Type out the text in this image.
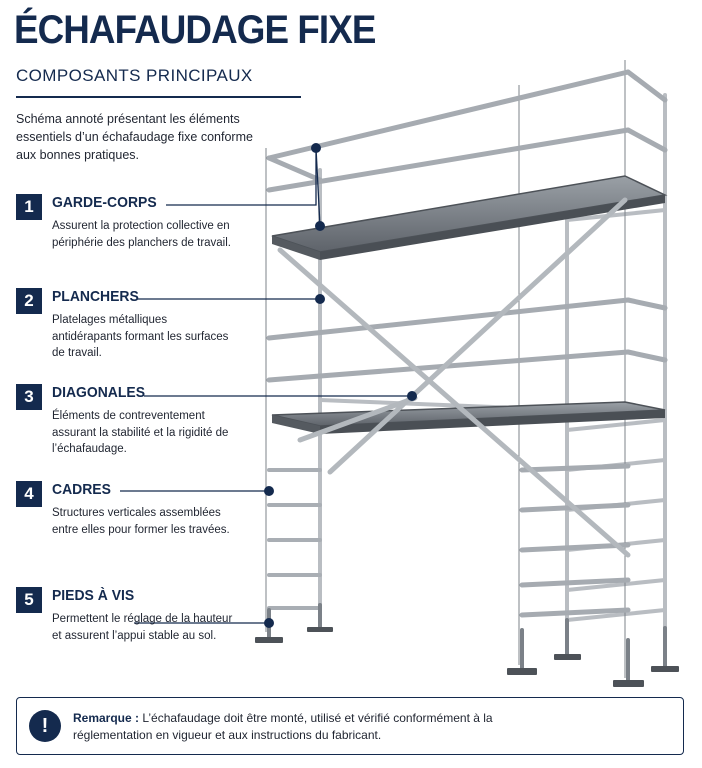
ÉCHAFAUDAGE FIXE
COMPOSANTS PRINCIPAUX

Schéma annoté présentant les éléments essentiels d’un échafaudage fixe conforme aux bonnes pratiques.

1	GARDE-CORPS

Assurent la protection collective en périphérie des planchers de travail.

2	PLANCHERS

Platelages métalliques antidérapants formant les surfaces de travail.

3	DIAGONALES

Éléments de contreventement assurant la stabilité et la rigidité de l’échafaudage.

4	CADRES

Structures verticales assemblées entre elles pour former les travées.

5	PIEDS À VIS

Permettent le réglage de la hauteur et assurent l’appui stable au sol.

!	Remarque : L’échafaudage doit être monté, utilisé et vérifié conformément à la réglementation en vigueur et aux instructions du fabricant.
